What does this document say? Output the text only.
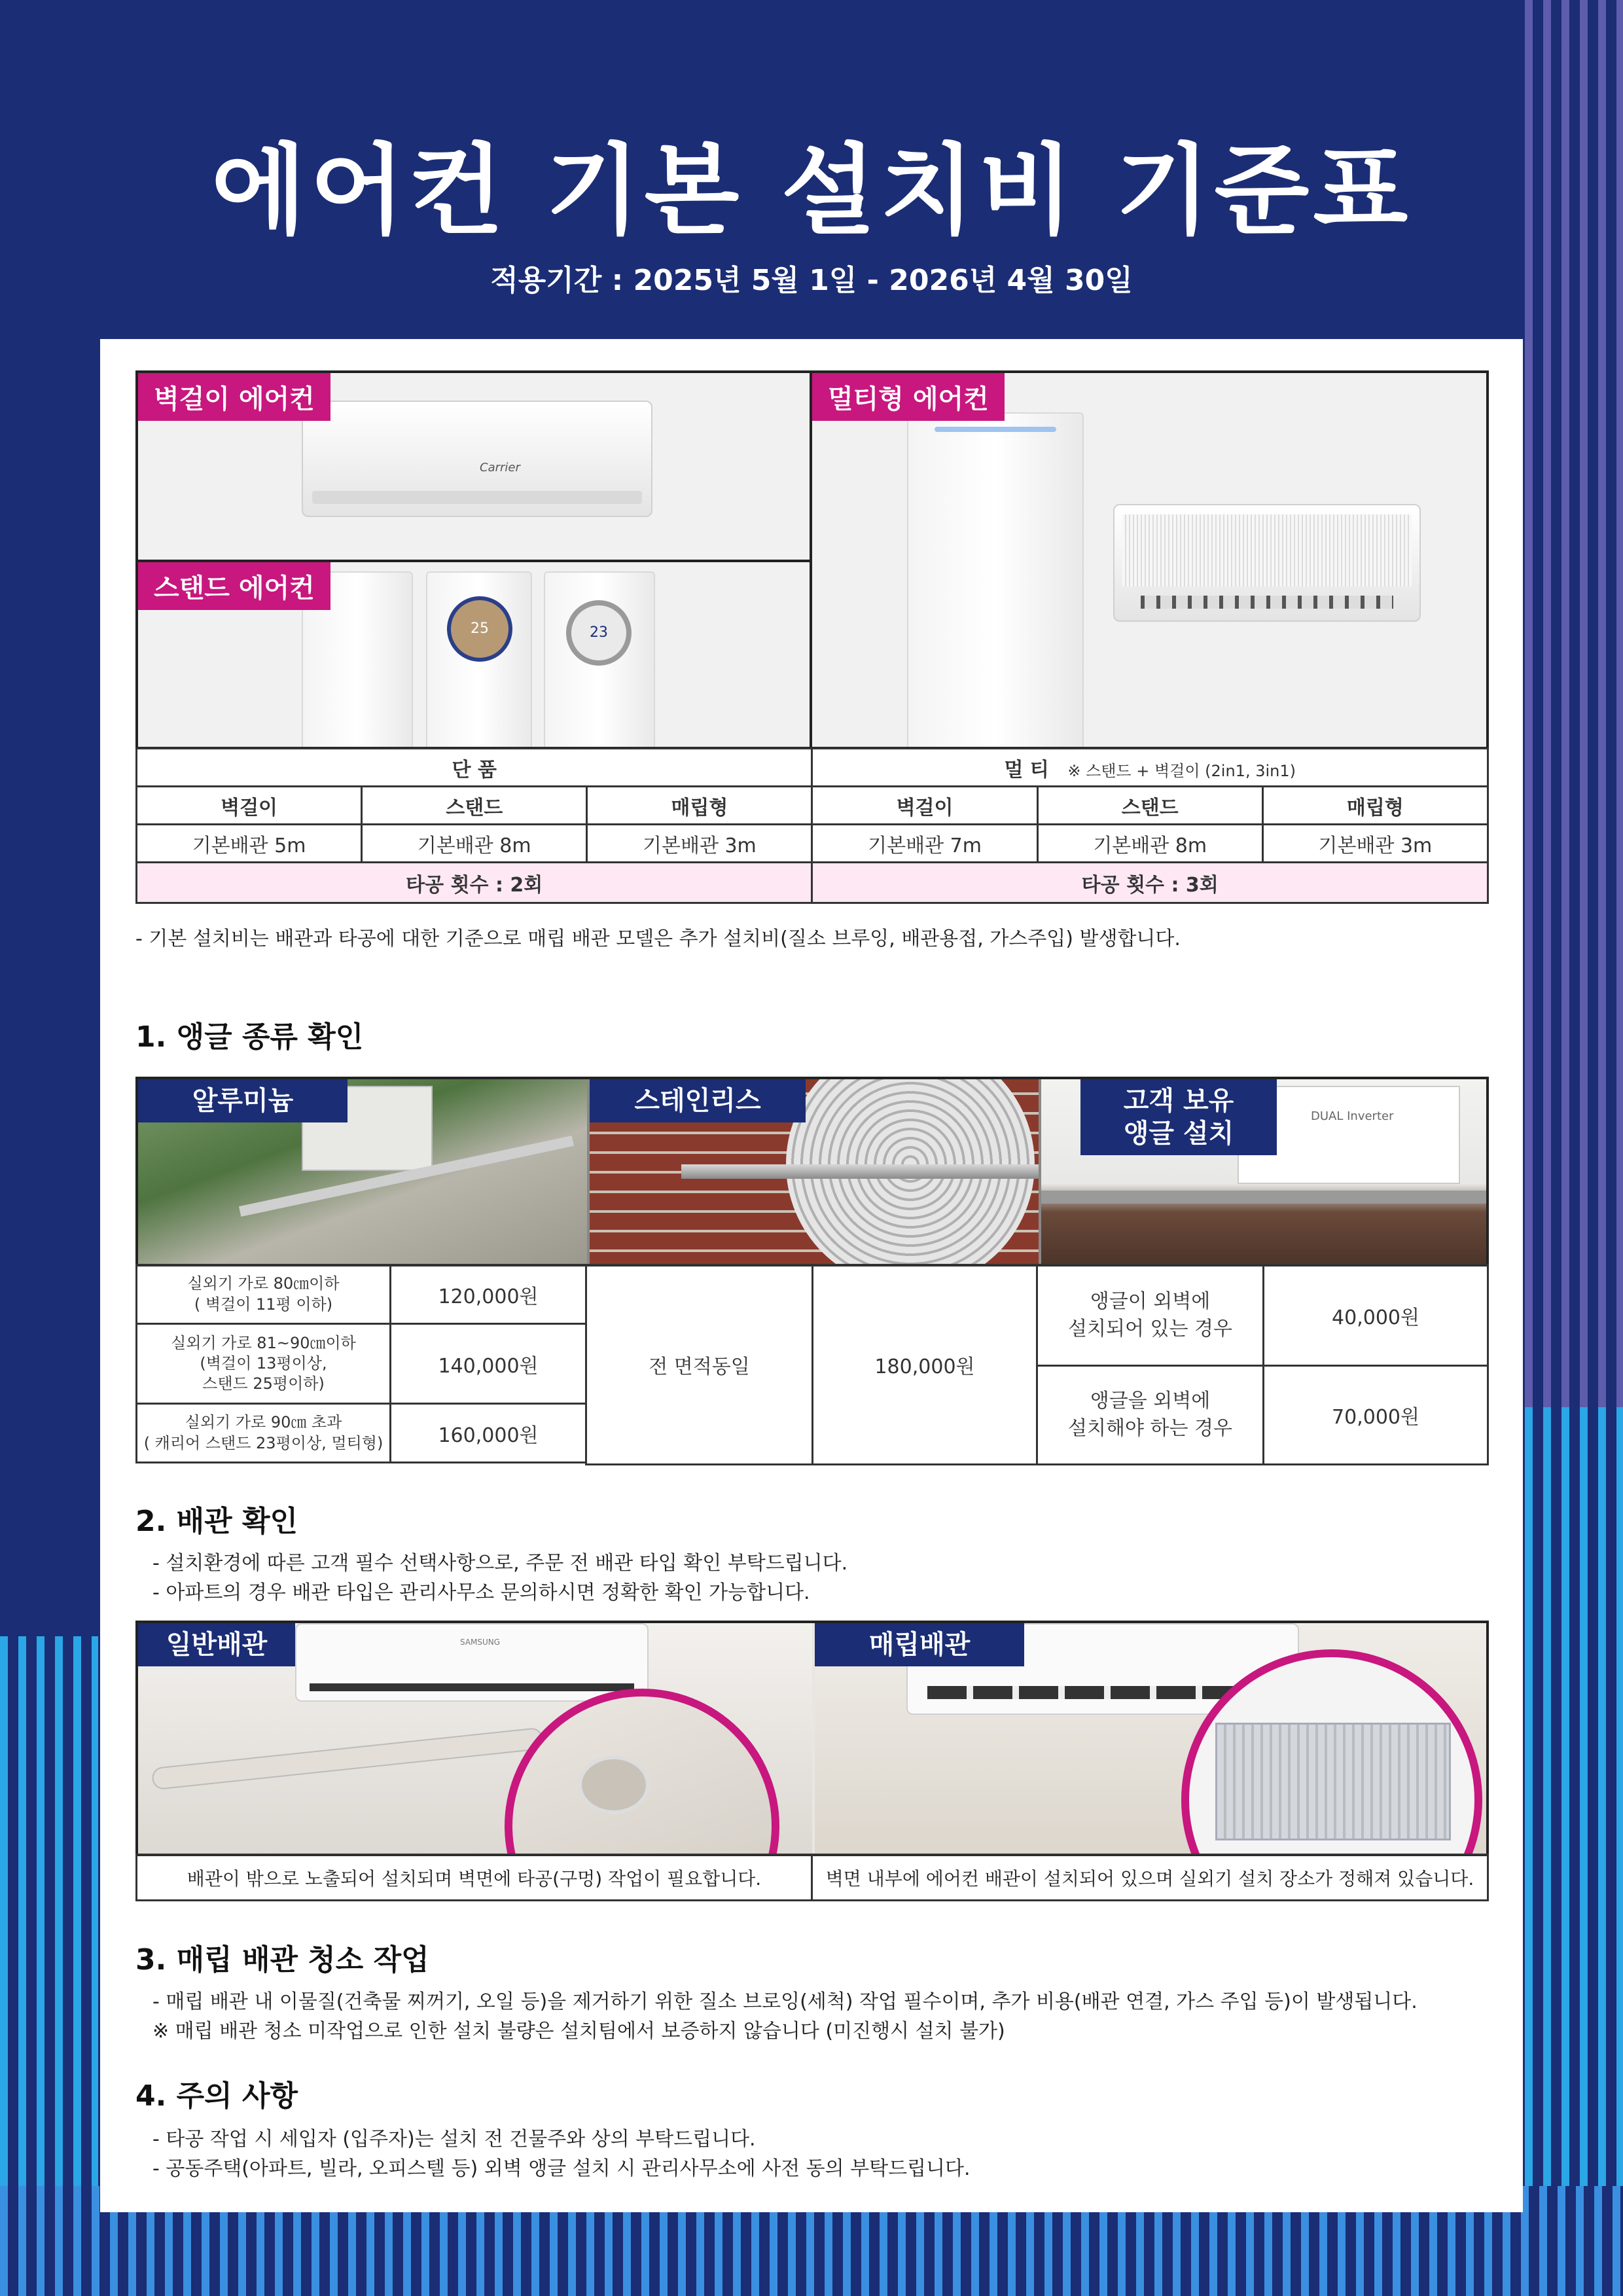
에어컨 기본 설치비 기준표
적용기간 : 2025년 5월 1일 - 2026년 4월 30일
Carrier
벽걸이 에어컨
25	23
스탠드 에어컨
멀티형 에어컨
단 품			멀 티 ※ 스탠드 + 벽걸이 (2in1, 3in1)		
벽걸이	스탠드	매립형	벽걸이	스탠드	매립형
기본배관 5m	기본배관 8m	기본배관 3m	기본배관 7m	기본배관 8m	기본배관 3m
타공 횟수 : 2회			타공 횟수 : 3회		
- 기본 설치비는 배관과 타공에 대한 기준으로 매립 배관 모델은 추가 설치비(질소 브루잉, 배관용접, 가스주입) 발생합니다.
1. 앵글 종류 확인
알루미늄	스테인리스
DUAL Inverter
고객 보유
앵글 설치
실외기 가로 80㎝이하
( 벽걸이 11평 이하)	120,000원
실외기 가로 81~90㎝이하
(벽걸이 13평이상,
스탠드 25평이하)	140,000원
실외기 가로 90㎝ 초과
( 캐리어 스탠드 23평이상, 멀티형)	160,000원
전 면적동일	180,000원
앵글이 외벽에
설치되어 있는 경우	40,000원
앵글을 외벽에
설치해야 하는 경우	70,000원
2. 배관 확인
- 설치환경에 따른 고객 필수 선택사항으로, 주문 전 배관 타입 확인 부탁드립니다.
- 아파트의 경우 배관 타입은 관리사무소 문의하시면 정확한 확인 가능합니다.
SAMSUNG
일반배관	매립배관
배관이 밖으로 노출되어 설치되며 벽면에 타공(구멍) 작업이 필요합니다.	벽면 내부에 에어컨 배관이 설치되어 있으며 실외기 설치 장소가 정해져 있습니다.
3. 매립 배관 청소 작업
- 매립 배관 내 이물질(건축물 찌꺼기, 오일 등)을 제거하기 위한 질소 브로잉(세척) 작업 필수이며, 추가 비용(배관 연결, 가스 주입 등)이 발생됩니다.
※ 매립 배관 청소 미작업으로 인한 설치 불량은 설치팀에서 보증하지 않습니다 (미진행시 설치 불가)
4. 주의 사항
- 타공 작업 시 세입자 (입주자)는 설치 전 건물주와 상의 부탁드립니다.
- 공동주택(아파트, 빌라, 오피스텔 등) 외벽 앵글 설치 시 관리사무소에 사전 동의 부탁드립니다.
